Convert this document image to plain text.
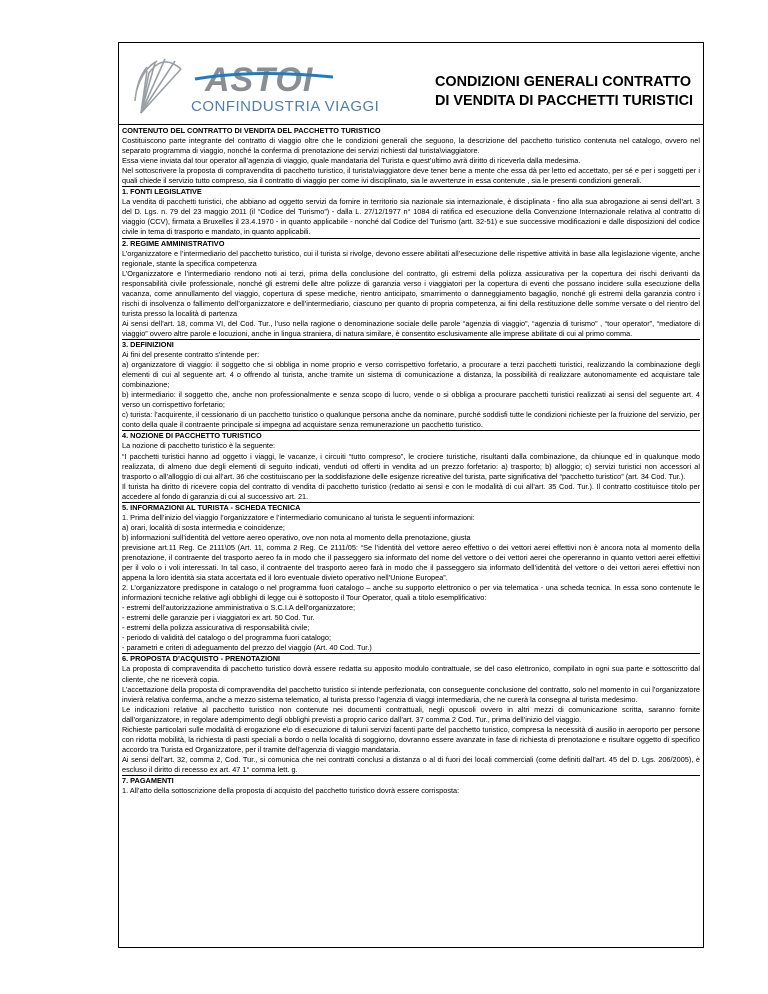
ASTOI
CONFINDUSTRIA VIAGGI
CONDIZIONI GENERALI CONTRATTO
DI VENDITA DI PACCHETTI TURISTICI
CONTENUTO DEL CONTRATTO DI VENDITA DEL PACCHETTO TURISTICO
Costituiscono parte integrante del contratto di viaggio oltre che le condizioni generali che seguono, la descrizione del pacchetto turistico contenuta nel catalogo, ovvero nel separato programma di viaggio, nonché la conferma di prenotazione dei servizi richiesti dal turista\viaggiatore.
Essa viene inviata dal tour operator all’agenzia di viaggio, quale mandataria del Turista e quest’ultimo avrà diritto di riceverla dalla medesima.
Nel sottoscrivere la proposta di compravendita di pacchetto turistico, il turista\viaggiatore deve tener bene a mente che essa dà per letto ed accettato, per sé e per i soggetti per i quali chiede il servizio tutto compreso, sia il contratto di viaggio per come ivi disciplinato, sia le avvertenze in essa contenute , sia le presenti condizioni generali.
1. FONTI LEGISLATIVE
La vendita di pacchetti turistici, che abbiano ad oggetto servizi da fornire in territorio sia nazionale sia internazionale, è disciplinata - fino alla sua abrogazione ai sensi dell’art. 3 del D. Lgs. n. 79 del 23 maggio 2011 (il “Codice del Turismo”) - dalla L. 27/12/1977 n° 1084 di ratifica ed esecuzione della Convenzione Internazionale relativa al contratto di viaggio (CCV), firmata a Bruxelles il 23.4.1970 - in quanto applicabile - nonché dal Codice del Turismo (artt. 32-51) e sue successive modificazioni e dalle disposizioni del codice civile in tema di trasporto e mandato, in quanto applicabili.
2. REGIME AMMINISTRATIVO
L’organizzatore e l’intermediario del pacchetto turistico, cui il turista si rivolge, devono essere abilitati all’esecuzione delle rispettive attività in base alla legislazione vigente, anche regionale, stante la specifica competenza
L’Organizzatore e l’intermediario rendono noti ai terzi, prima della conclusione del contratto, gli estremi della polizza assicurativa per la copertura dei rischi derivanti da responsabilità civile professionale, nonché gli estremi delle altre polizze di garanzia verso i viaggiatori per la copertura di eventi che possano incidere sulla esecuzione della vacanza, come annullamento del viaggio, copertura di spese mediche, rientro anticipato, smarrimento o danneggiamento bagaglio, nonché gli estremi della garanzia contro i rischi di insolvenza o fallimento dell’organizzatore e dell’intermediario, ciascuno per quanto di propria competenza, ai fini della restituzione delle somme versate o del rientro del turista presso la località di partenza
Ai sensi dell’art. 18, comma VI, del Cod. Tur., l’uso nella ragione o denominazione sociale delle parole “agenzia di viaggio”, “agenzia di turismo” , “tour operator”, “mediatore di viaggio” ovvero altre parole e locuzioni, anche in lingua straniera, di natura similare, è consentito esclusivamente alle imprese abilitate di cui al primo comma.
3. DEFINIZIONI
Ai fini del presente contratto s’intende per:
a) organizzatore di viaggio: il soggetto che si obbliga in nome proprio e verso corrispettivo forfetario, a procurare a terzi pacchetti turistici, realizzando la combinazione degli elementi di cui al seguente art. 4 o offrendo al turista, anche tramite un sistema di comunicazione a distanza, la possibilità di realizzare autonomamente ed acquistare tale combinazione;
b) intermediario: il soggetto che, anche non professionalmente e senza scopo di lucro, vende o si obbliga a procurare pacchetti turistici realizzati ai sensi del seguente art. 4 verso un corrispettivo forfetario;
c) turista: l’acquirente, il cessionario di un pacchetto turistico o qualunque persona anche da nominare, purché soddisfi tutte le condizioni richieste per la fruizione del servizio, per conto della quale il contraente principale si impegna ad acquistare senza remunerazione un pacchetto turistico.
4. NOZIONE DI PACCHETTO TURISTICO
La nozione di pacchetto turistico è la seguente:
“I pacchetti turistici hanno ad oggetto i viaggi, le vacanze, i circuiti “tutto compreso”, le crociere turistiche, risultanti dalla combinazione, da chiunque ed in qualunque modo realizzata, di almeno due degli elementi di seguito indicati, venduti od offerti in vendita ad un prezzo forfetario: a) trasporto; b) alloggio; c) servizi turistici non accessori al trasporto o all’alloggio di cui all’art. 36 che costituiscano per la soddisfazione delle esigenze ricreative del turista, parte significativa del “pacchetto turistico” (art. 34 Cod. Tur.).
Il turista ha diritto di ricevere copia del contratto di vendita di pacchetto turistico (redatto ai sensi e con le modalità di cui all’art. 35 Cod. Tur.). Il contratto costituisce titolo per accedere al fondo di garanzia di cui al successivo art. 21.
5. INFORMAZIONI AL TURISTA - SCHEDA TECNICA
1. Prima dell’inizio del viaggio l’organizzatore e l’intermediario comunicano al turista le seguenti informazioni:
a) orari, località di sosta intermedia e coincidenze;
b) informazioni sull’identità del vettore aereo operativo, ove non nota al momento della prenotazione, giusta
previsione art.11 Reg. Ce 2111\05 (Art. 11, comma 2 Reg. Ce 2111/05: “Se l’identità del vettore aereo effettivo o dei vettori aerei effettivi non è ancora nota al momento della prenotazione, il contraente del trasporto aereo fa in modo che il passeggero sia informato del nome del vettore o dei vettori aerei che opereranno in quanto vettori aerei effettivi per il volo o i voli interessati. In tal caso, il contraente del trasporto aereo farà in modo che il passeggero sia informato dell’identità del vettore o dei vettori aerei effettivi non appena la loro identità sia stata accertata ed il loro eventuale divieto operativo nell’Unione Europea”.
2. L’organizzatore predispone in catalogo o nel programma fuori catalogo – anche su supporto elettronico o per via telematica - una scheda tecnica. In essa sono contenute le informazioni tecniche relative agli obblighi di legge cui è sottoposto il Tour Operator, quali a titolo esemplificativo:
- estremi dell’autorizzazione amministrativa o S.C.I.A dell’organizzatore;
- estremi delle garanzie per i viaggiatori ex art. 50 Cod. Tur.
- estremi della polizza assicurativa di responsabilità civile;
- periodo di validità del catalogo o del programma fuori catalogo;
- parametri e criteri di adeguamento del prezzo del viaggio (Art. 40 Cod. Tur.)
6. PROPOSTA D’ACQUISTO - PRENOTAZIONI
La proposta di compravendita di pacchetto turistico dovrà essere redatta su apposito modulo contrattuale, se del caso elettronico, compilato in ogni sua parte e sottoscritto dal cliente, che ne riceverà copia.
L’accettazione della proposta di compravendita del pacchetto turistico si intende perfezionata, con conseguente conclusione del contratto, solo nel momento in cui l’organizzatore invierà relativa conferma, anche a mezzo sistema telematico, al turista presso l’agenzia di viaggi intermediaria, che ne curerà la consegna al turista medesimo.
Le indicazioni relative al pacchetto turistico non contenute nei documenti contrattuali, negli opuscoli ovvero in altri mezzi di comunicazione scritta, saranno fornite dall’organizzatore, in regolare adempimento degli obblighi previsti a proprio carico dall’art. 37 comma 2 Cod. Tur., prima dell’inizio del viaggio.
Richieste particolari sulle modalità di erogazione e\o di esecuzione di taluni servizi facenti parte del pacchetto turistico, compresa la necessità di ausilio in aeroporto per persone con ridotta mobilità, la richiesta di pasti speciali a bordo o nella località di soggiorno, dovranno essere avanzate in fase di richiesta di prenotazione e risultare oggetto di specifico accordo tra Turista ed Organizzatore, per il tramite dell’agenzia di viaggio mandataria.
Ai sensi dell’art. 32, comma 2, Cod. Tur., si comunica che nei contratti conclusi a distanza o al di fuori dei locali commerciali (come definiti dall’art. 45 del D. Lgs. 206/2005), è escluso il diritto di recesso ex art. 47 1° comma lett. g.
7. PAGAMENTI
1. All’atto della sottoscrizione della proposta di acquisto del pacchetto turistico dovrà essere corrisposta:
